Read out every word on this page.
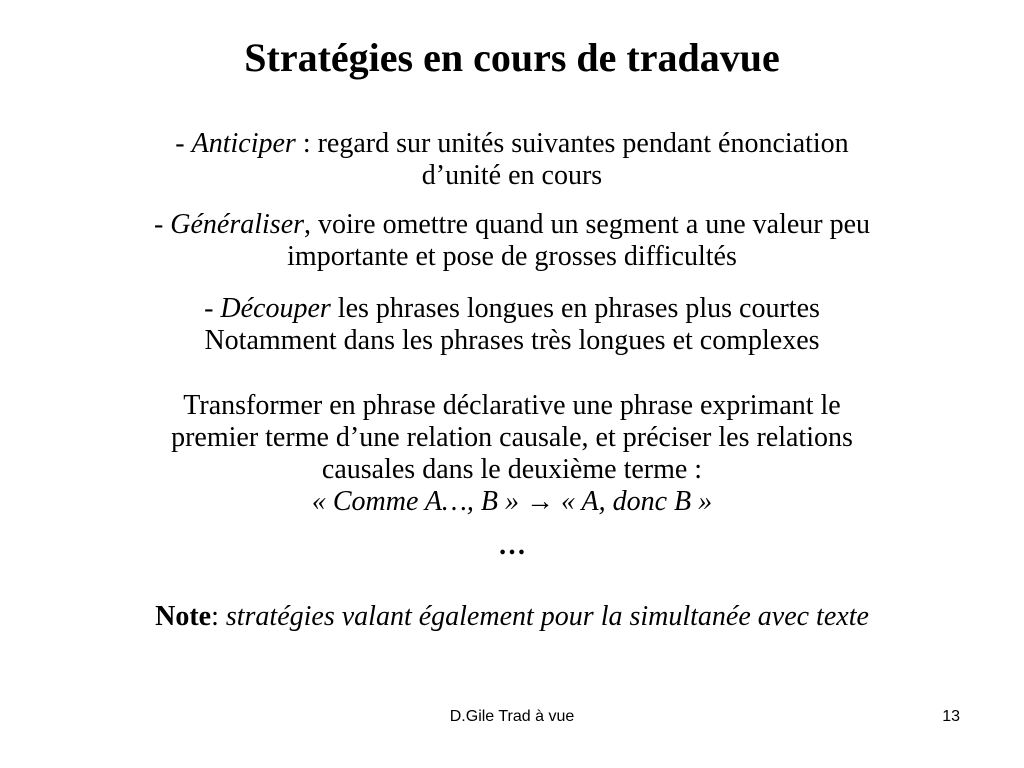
Stratégies en cours de tradavue

- Anticiper : regard sur unités suivantes pendant énonciation
d’unité en cours

- Généraliser, voire omettre quand un segment a une valeur peu
importante et pose de grosses difficultés

- Découper les phrases longues en phrases plus courtes
Notamment dans les phrases très longues et complexes

Transformer en phrase déclarative une phrase exprimant le
premier terme d’une relation causale, et préciser les relations
causales dans le deuxième terme :
« Comme A…, B » → « A, donc B »

…

Note: stratégies valant également pour la simultanée avec texte

D.Gile Trad à vue	13
